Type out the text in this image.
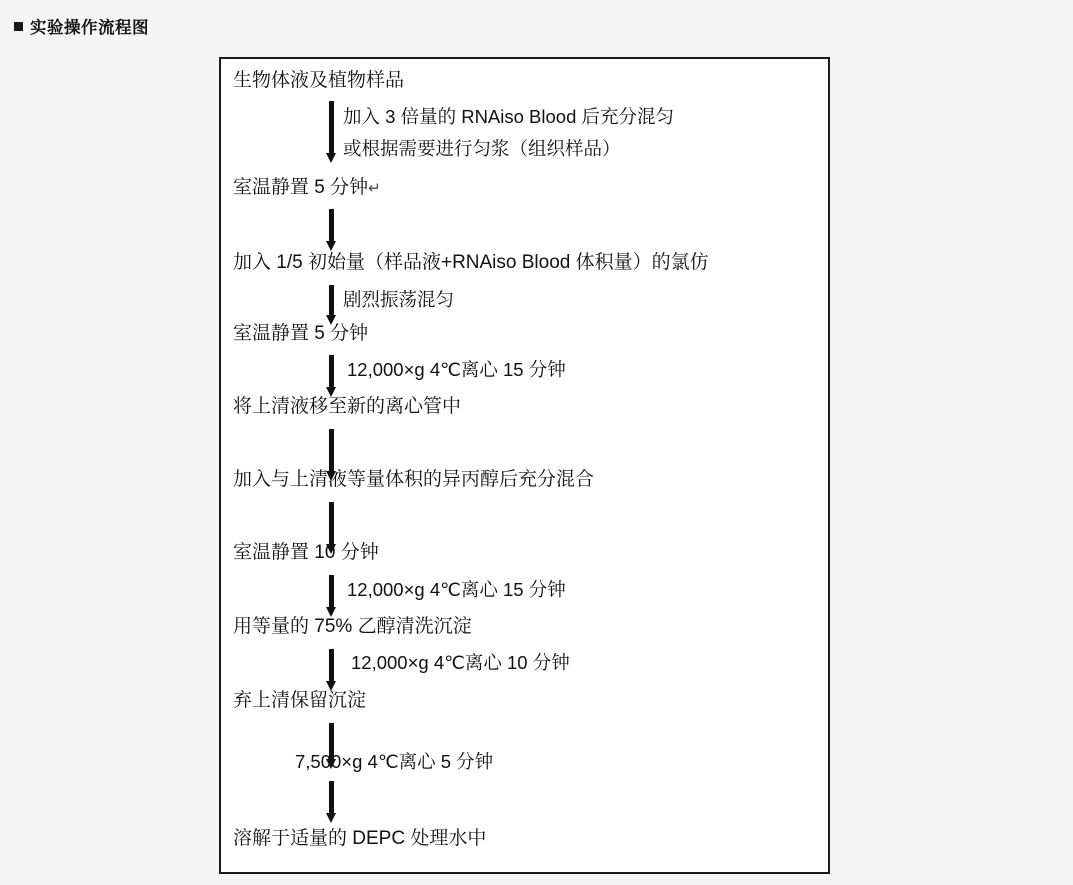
实验操作流程图
生物体液及植物样品
加入 3 倍量的 RNAiso Blood 后充分混匀
或根据需要进行匀浆（组织样品）
室温静置 5 分钟↵
加入 1/5 初始量（样品液+RNAiso Blood 体积量）的氯仿
剧烈振荡混匀
室温静置 5 分钟
12,000×g 4℃离心 15 分钟
将上清液移至新的离心管中
加入与上清液等量体积的异丙醇后充分混合
室温静置 10 分钟
12,000×g 4℃离心 15 分钟
用等量的 75% 乙醇清洗沉淀
12,000×g 4℃离心 10 分钟
弃上清保留沉淀
7,500×g 4℃离心 5 分钟
溶解于适量的 DEPC 处理水中
